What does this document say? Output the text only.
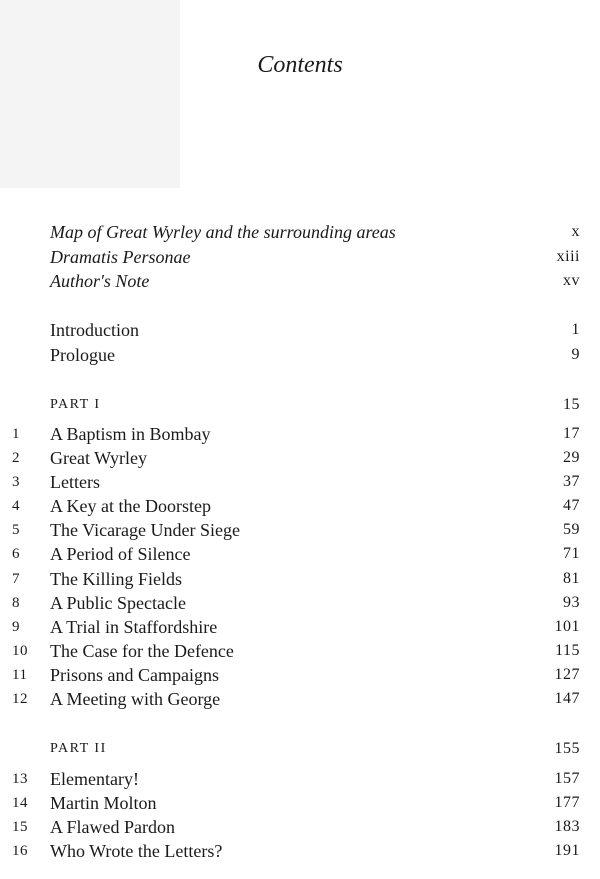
Contents
Map of Great Wyrley and the surrounding areas	x
Dramatis Personae	xiii
Author's Note	xv
Introduction	1
Prologue	9
PART I	15
1	A Baptism in Bombay	17
2	Great Wyrley	29
3	Letters	37
4	A Key at the Doorstep	47
5	The Vicarage Under Siege	59
6	A Period of Silence	71
7	The Killing Fields	81
8	A Public Spectacle	93
9	A Trial in Staffordshire	101
10	The Case for the Defence	115
11	Prisons and Campaigns	127
12	A Meeting with George	147
PART II	155
13	Elementary!	157
14	Martin Molton	177
15	A Flawed Pardon	183
16	Who Wrote the Letters?	191
